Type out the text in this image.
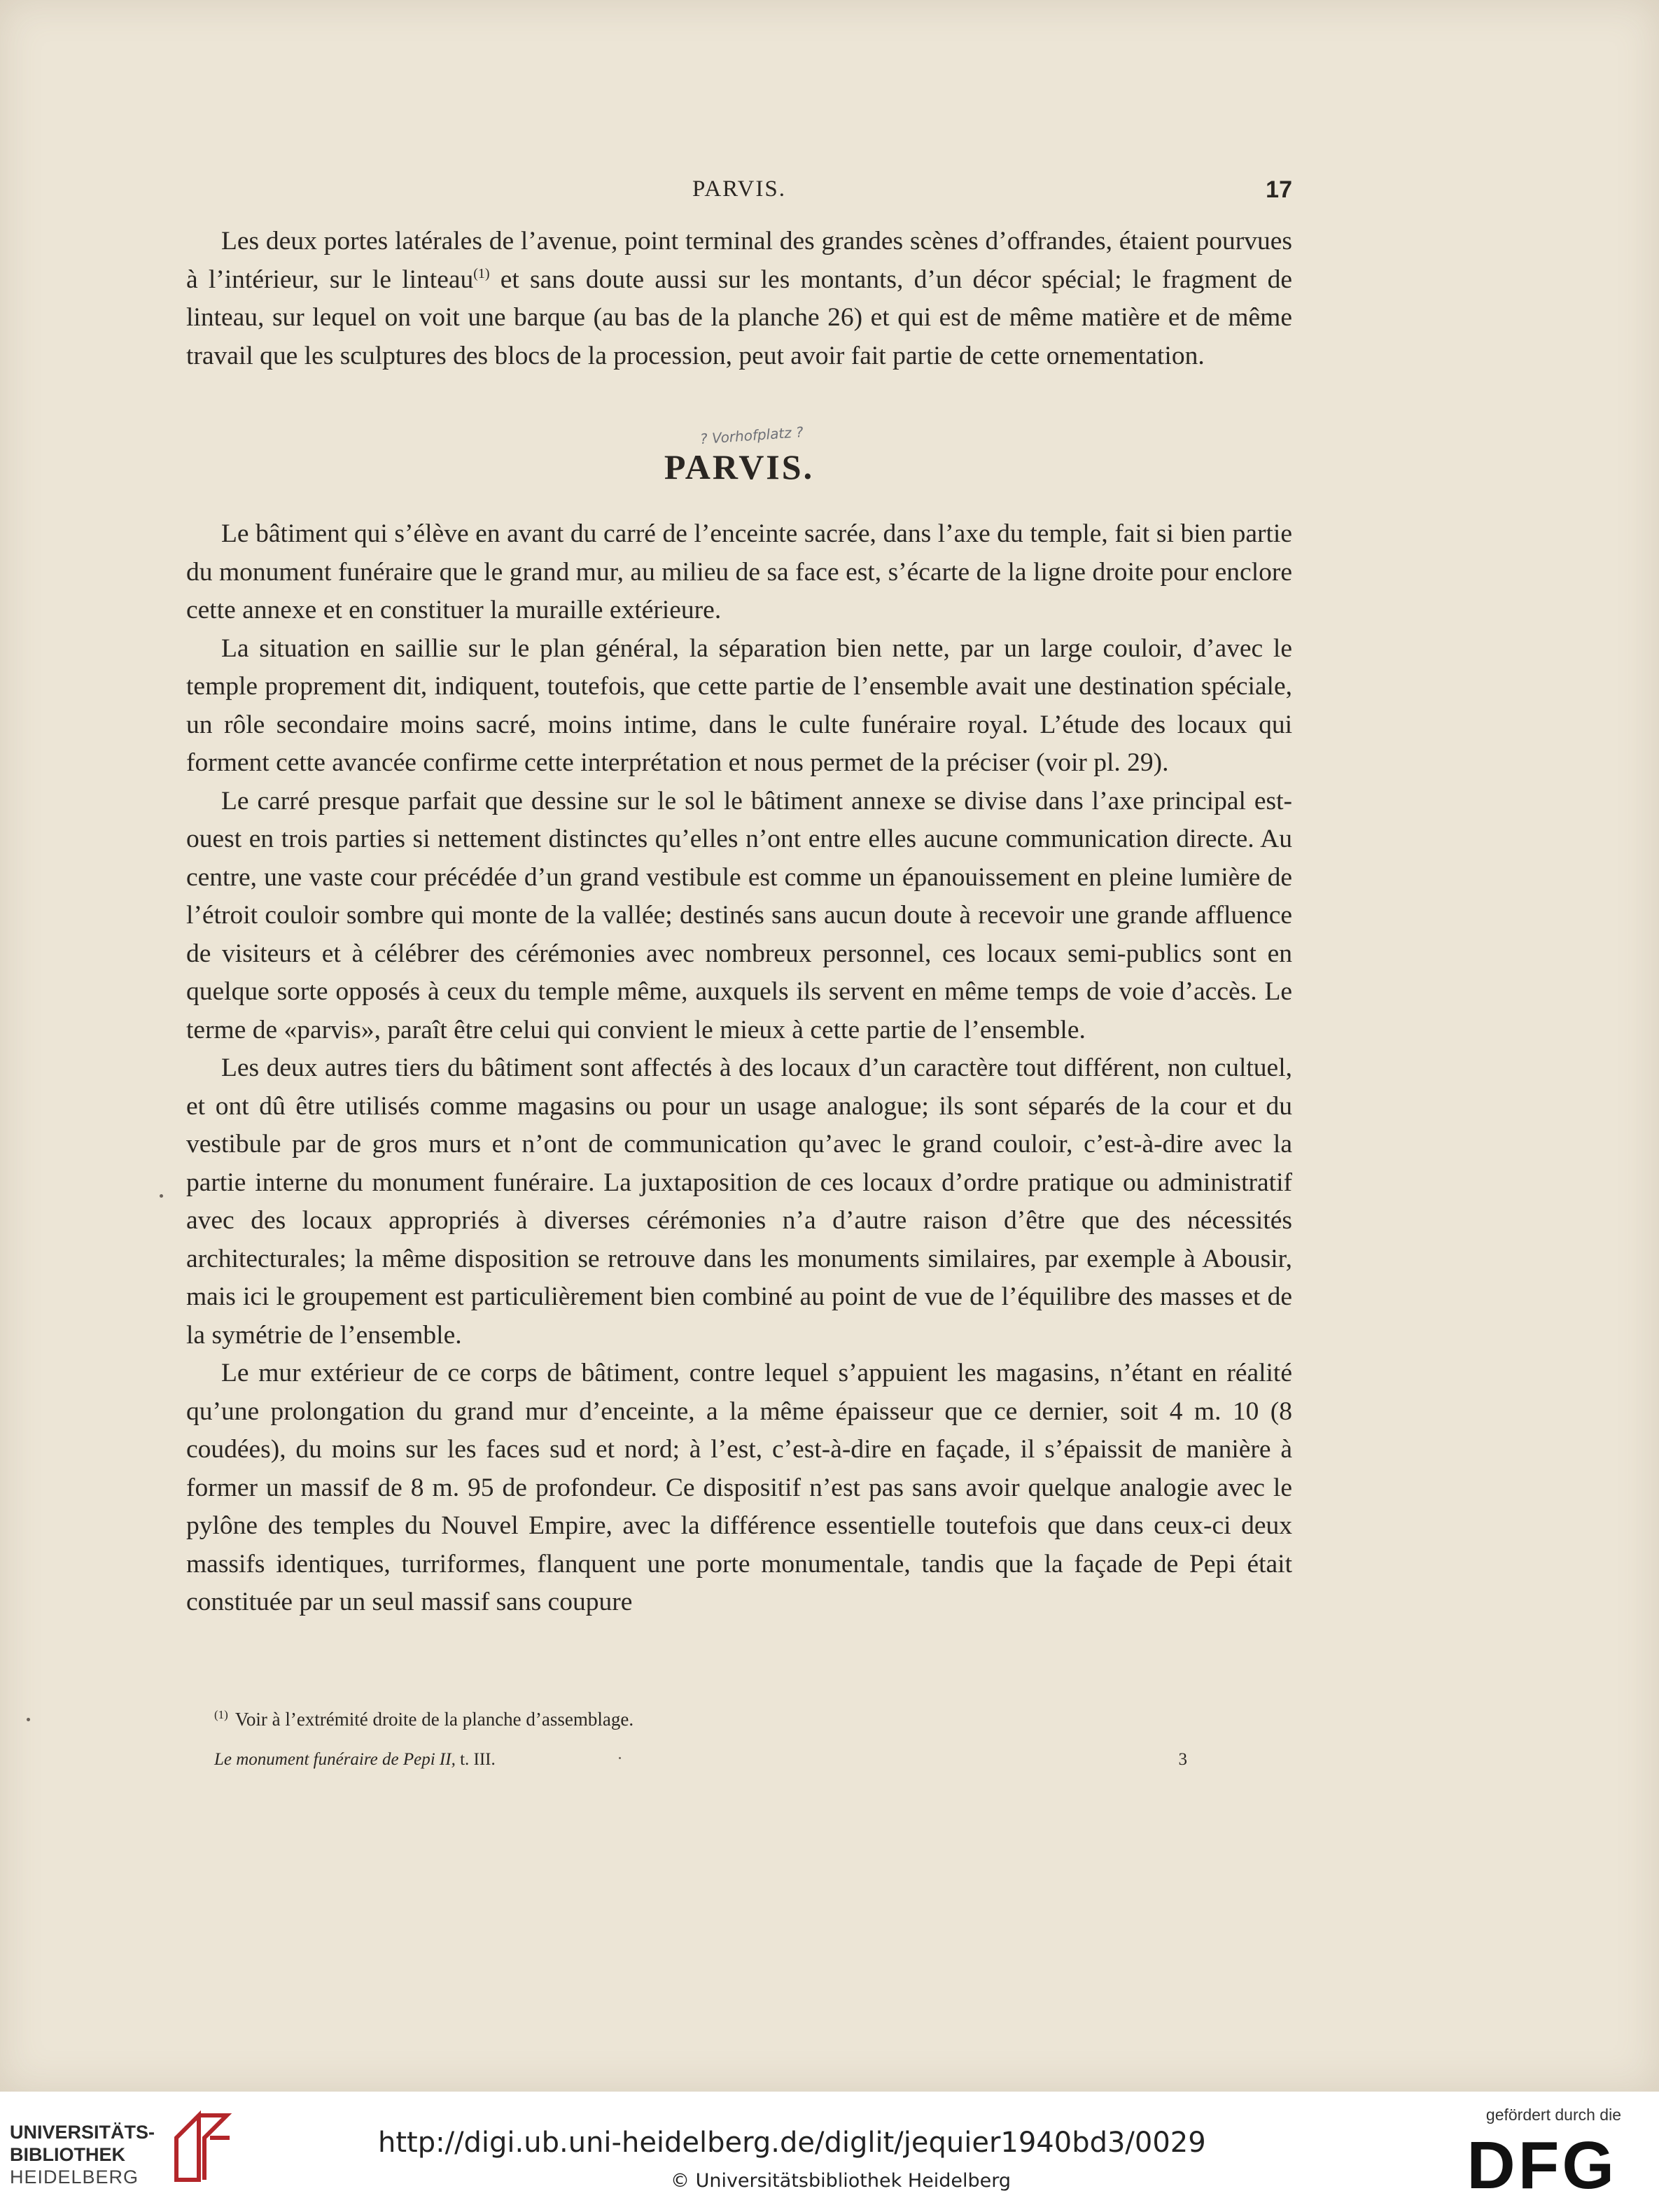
PARVIS.	17

Les deux portes latérales de l’avenue, point terminal des grandes scènes d’offrandes, étaient pourvues à l’intérieur, sur le linteau$^{(1)}$ et sans doute aussi sur les montants, d’un décor spécial; le fragment de linteau, sur lequel on voit une barque (au bas de la planche 26) et qui est de même matière et de même travail que les sculptures des blocs de la procession, peut avoir fait partie de cette ornementation.

? Vorhofplatz ?
PARVIS.

Le bâtiment qui s’élève en avant du carré de l’enceinte sacrée, dans l’axe du temple, fait si bien partie du monument funéraire que le grand mur, au milieu de sa face est, s’écarte de la ligne droite pour enclore cette annexe et en constituer la muraille extérieure.

La situation en saillie sur le plan général, la séparation bien nette, par un large couloir, d’avec le temple proprement dit, indiquent, toutefois, que cette partie de l’ensemble avait une destination spéciale, un rôle secondaire moins sacré, moins intime, dans le culte funéraire royal. L’étude des locaux qui forment cette avancée confirme cette interprétation et nous permet de la préciser (voir pl. 29).

Le carré presque parfait que dessine sur le sol le bâtiment annexe se divise dans l’axe principal est-ouest en trois parties si nettement distinctes qu’elles n’ont entre elles aucune communication directe. Au centre, une vaste cour précédée d’un grand vestibule est comme un épanouissement en pleine lumière de l’étroit couloir sombre qui monte de la vallée; destinés sans aucun doute à recevoir une grande affluence de visiteurs et à célébrer des cérémonies avec nombreux personnel, ces locaux semi-publics sont en quelque sorte opposés à ceux du temple même, auxquels ils servent en même temps de voie d’accès. Le terme de «parvis», paraît être celui qui convient le mieux à cette partie de l’ensemble.

Les deux autres tiers du bâtiment sont affectés à des locaux d’un caractère tout différent, non cultuel, et ont dû être utilisés comme magasins ou pour un usage analogue; ils sont séparés de la cour et du vestibule par de gros murs et n’ont de communication qu’avec le grand couloir, c’est-à-dire avec la partie interne du monument funéraire. La juxtaposition de ces locaux d’ordre pratique ou administratif avec des locaux appropriés à diverses cérémonies n’a d’autre raison d’être que des nécessités architecturales; la même disposition se retrouve dans les monuments similaires, par exemple à Abousir, mais ici le groupement est particulièrement bien combiné au point de vue de l’équilibre des masses et de la symétrie de l’ensemble.

Le mur extérieur de ce corps de bâtiment, contre lequel s’appuient les magasins, n’étant en réalité qu’une prolongation du grand mur d’enceinte, a la même épaisseur que ce dernier, soit 4 m. 10 (8 coudées), du moins sur les faces sud et nord; à l’est, c’est-à-dire en façade, il s’épaissit de manière à former un massif de 8 m. 95 de profondeur. Ce dispositif n’est pas sans avoir quelque analogie avec le pylône des temples du Nouvel Empire, avec la différence essentielle toutefois que dans ceux-ci deux massifs identiques, turriformes, flanquent une porte monumentale, tandis que la façade de Pepi était constituée par un seul massif sans coupure

$^{(1)}$ Voir à l’extrémité droite de la planche d’assemblage.
Le monument funéraire de Pepi II, t. III.	3
UNIVERSITÄTS-
BIBLIOTHEK
HEIDELBERG
http://digi.ub.uni-heidelberg.de/diglit/jequier1940bd3/0029
© Universitätsbibliothek Heidelberg
gefördert durch die
DFG
